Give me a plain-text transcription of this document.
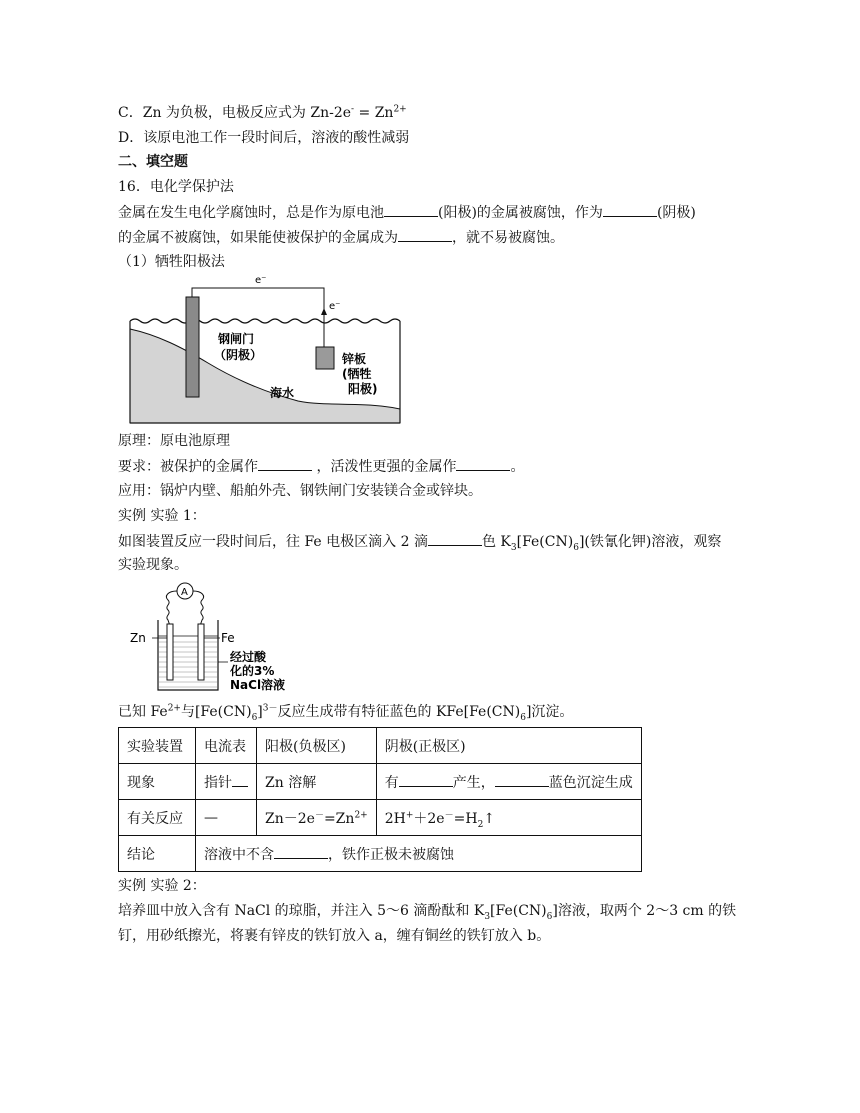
C．Zn 为负极，电极反应式为 $Zn-2e^- = Zn^{2+}$
D．该原电池工作一段时间后，溶液的酸性减弱
二、填空题
16．电化学保护法
金属在发生电化学腐蚀时，总是作为原电池	(阳极)的金属被腐蚀，作为	(阴极)
的金属不被腐蚀，如果能使被保护的金属成为	，就不易被腐蚀。
（1）牺牲阳极法
e⁻
e⁻
钢闸门
（阴极）	锌板
(牺牲
阳极)
海水
原理：原电池原理
要求：被保护的金属作	，活泼性更强的金属作	。
应用：锅炉内壁、船舶外壳、钢铁闸门安装镁合金或锌块。
实例 实验 1：
如图装置反应一段时间后，往 Fe 电极区滴入 2 滴	色 $K_3[Fe(CN)_6]$(铁氰化钾)溶液，观察
实验现象。
A
Zn	Fe
经过酸
化的3%
NaCl溶液
已知 $Fe^{2+}$与$[Fe(CN)_6]^{3-}$反应生成带有特征蓝色的 $KFe[Fe(CN)_6]$沉淀。
实验装置	电流表	阳极(负极区)	阴极(正极区)
现象	指针	Zn 溶解	有 产生， 蓝色沉淀生成
有关反应	—	$Zn-2e^-=Zn^{2+}$	$2H^++2e^-=H_2↑$
结论	溶液中不含 ，铁作正极未被腐蚀		
实例 实验 2：
培养皿中放入含有 NaCl 的琼脂，并注入 5～6 滴酚酞和 $K_3[Fe(CN)_6]$溶液，取两个 2～3 cm 的铁
钉，用砂纸擦光，将裹有锌皮的铁钉放入 a，缠有铜丝的铁钉放入 b。
